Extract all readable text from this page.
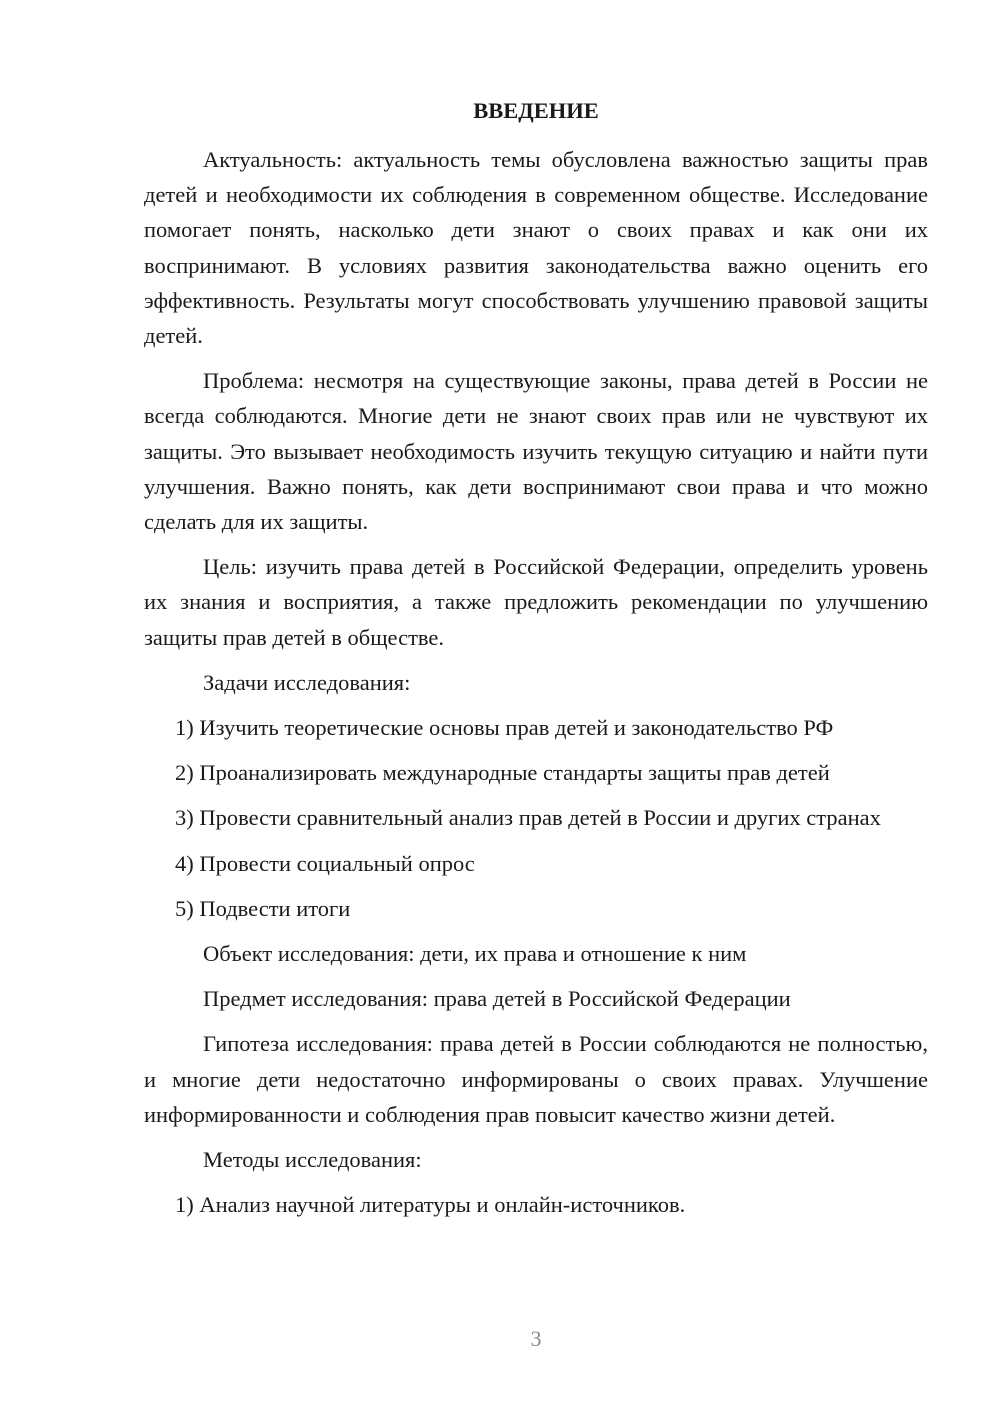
ВВЕДЕНИЕ

Актуальность: актуальность темы обусловлена важностью защиты прав детей и необходимости их соблюдения в современном обществе. Исследование помогает понять, насколько дети знают о своих правах и как они их воспринимают. В условиях развития законодательства важно оценить его эффективность. Результаты могут способствовать улучшению правовой защиты детей.

Проблема: несмотря на существующие законы, права детей в России не всегда соблюдаются. Многие дети не знают своих прав или не чувствуют их защиты. Это вызывает необходимость изучить текущую ситуацию и найти пути улучшения. Важно понять, как дети воспринимают свои права и что можно сделать для их защиты.

Цель: изучить права детей в Российской Федерации, определить уровень их знания и восприятия, а также предложить рекомендации по улучшению защиты прав детей в обществе.

Задачи исследования:

1) Изучить теоретические основы прав детей и законодательство РФ

2) Проанализировать международные стандарты защиты прав детей

3) Провести сравнительный анализ прав детей в России и других странах

4) Провести социальный опрос

5) Подвести итоги

Объект исследования: дети, их права и отношение к ним

Предмет исследования: права детей в Российской Федерации

Гипотеза исследования: права детей в России соблюдаются не полностью, и многие дети недостаточно информированы о своих правах. Улучшение информированности и соблюдения прав повысит качество жизни детей.

Методы исследования:

1) Анализ научной литературы и онлайн-источников.

3
